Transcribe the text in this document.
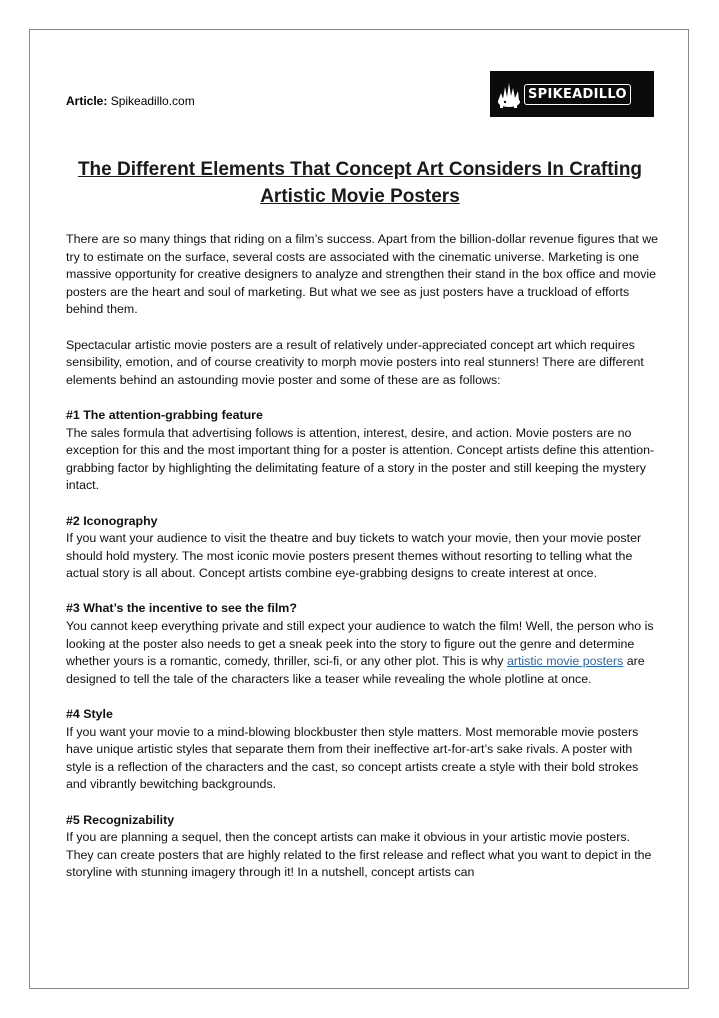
Article: Spikeadillo.com	SPIKEADILLO
The Different Elements That Concept Art Considers In Crafting Artistic Movie Posters

There are so many things that riding on a film’s success. Apart from the billion-dollar revenue figures that we try to estimate on the surface, several costs are associated with the cinematic universe. Marketing is one massive opportunity for creative designers to analyze and strengthen their stand in the box office and movie posters are the heart and soul of marketing. But what we see as just posters have a truckload of efforts behind them.

Spectacular artistic movie posters are a result of relatively under-appreciated concept art which requires sensibility, emotion, and of course creativity to morph movie posters into real stunners! There are different elements behind an astounding movie poster and some of these are as follows:

#1 The attention-grabbing feature
The sales formula that advertising follows is attention, interest, desire, and action. Movie posters are no exception for this and the most important thing for a poster is attention. Concept artists define this attention-grabbing factor by highlighting the delimitating feature of a story in the poster and still keeping the mystery intact.

#2 Iconography
If you want your audience to visit the theatre and buy tickets to watch your movie, then your movie poster should hold mystery. The most iconic movie posters present themes without resorting to telling what the actual story is all about. Concept artists combine eye-grabbing designs to create interest at once.

#3 What’s the incentive to see the film?
You cannot keep everything private and still expect your audience to watch the film! Well, the person who is looking at the poster also needs to get a sneak peek into the story to figure out the genre and determine whether yours is a romantic, comedy, thriller, sci-fi, or any other plot. This is why artistic movie posters are designed to tell the tale of the characters like a teaser while revealing the whole plotline at once.

#4 Style
If you want your movie to a mind-blowing blockbuster then style matters. Most memorable movie posters have unique artistic styles that separate them from their ineffective art-for-art’s sake rivals. A poster with style is a reflection of the characters and the cast, so concept artists create a style with their bold strokes and vibrantly bewitching backgrounds.

#5 Recognizability
If you are planning a sequel, then the concept artists can make it obvious in your artistic movie posters. They can create posters that are highly related to the first release and reflect what you want to depict in the storyline with stunning imagery through it! In a nutshell, concept artists can
